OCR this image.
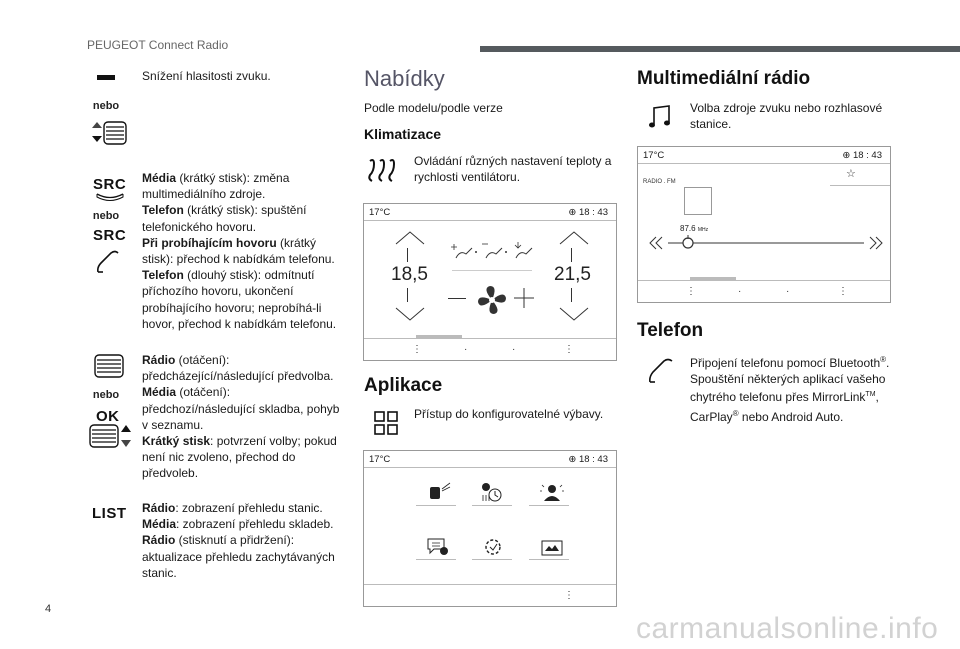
PEUGEOT Connect Radio
Snížení hlasitosti zvuku.
nebo
SRC
nebo
SRC
Média (krátký stisk): změna multimediálního zdroje.
Telefon (krátký stisk): spuštění telefonického hovoru.
Při probíhajícím hovoru (krátký stisk): přechod k nabídkám telefonu.
Telefon (dlouhý stisk): odmítnutí příchozího hovoru, ukončení probíhajícího hovoru; neprobíhá-li hovor, přechod k nabídkám telefonu.
nebo
OK
Rádio (otáčení): předcházející/následující předvolba.
Média (otáčení): předchozí/následující skladba, pohyb v seznamu.
Krátký stisk: potvrzení volby; pokud není nic zvoleno, přechod do předvoleb.
LIST Rádio: zobrazení přehledu stanic.
Média: zobrazení přehledu skladeb.
Rádio (stisknutí a přidržení): aktualizace přehledu zachytávaných stanic.
Nabídky
Podle modelu/podle verze
Klimatizace
Ovládání různých nastavení teploty a rychlosti ventilátoru.
17°C	⊕ 18 : 43
18,5	21,5
⋮	·	·	⋮
Aplikace
Přístup do konfigurovatelné výbavy.
17°C	⊕ 18 : 43
⋮
Multimediální rádio
Volba zdroje zvuku nebo rozhlasové stanice.
17°C	⊕ 18 : 43
RADIO . FM
☆
87.6 MHz
⋮	·	·	⋮
Telefon
Připojení telefonu pomocí Bluetooth®.
Spouštění některých aplikací vašeho chytrého telefonu přes MirrorLink™, CarPlay® nebo Android Auto.
4
carmanualsonline.info
